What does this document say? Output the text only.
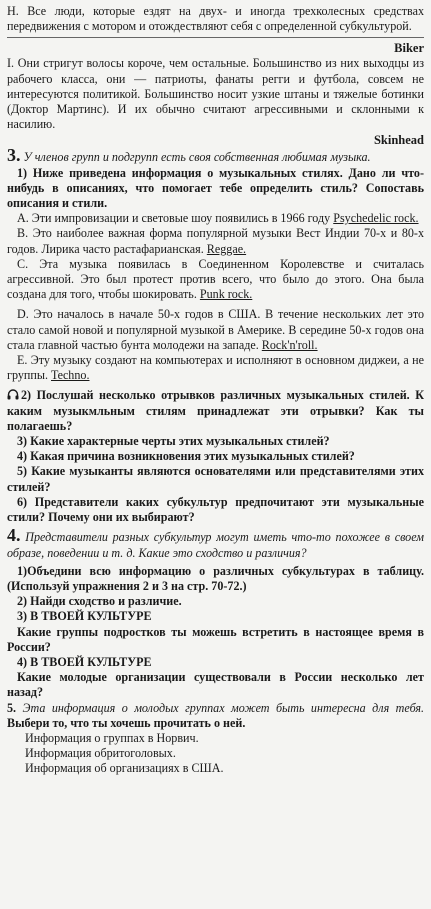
H. Все люди, которые ездят на двух- и иногда трехколесных средствах передвижения с мотором и отождествляют себя с определенной субкультурой.

Biker

I. Они стригут волосы короче, чем остальные. Большинство из них выходцы из рабочего класса, они — патриоты, фанаты регги и футбола, совсем не интересуются политикой. Большинство носит узкие штаны и тяжелые ботинки (Доктор Мартинс). И их обычно считают агрессивными и склонными к насилию.

Skinhead

3. У членов групп и подгрупп есть своя собственная любимая музыка.

1) Ниже приведена информация о музыкальных стилях. Дано ли что-нибудь в описаниях, что помогает тебе определить стиль? Сопоставь описания и стили.

A. Эти импровизации и световые шоу появились в 1966 году Psychedelic rock.

B. Это наиболее важная форма популярной музыки Вест Индии 70-х и 80-х годов. Лирика часто растафарианская. Reggae.

C. Эта музыка появилась в Соединенном Королевстве и считалась агрессивной. Это был протест против всего, что было до этого. Она была создана для того, чтобы шокировать. Punk rock.

D. Это началось в начале 50-х годов в США. В течение нескольких лет это стало самой новой и популярной музыкой в Америке. В середине 50-х годов она стала главной частью бунта молодежи на западе. Rock'n'roll.

E. Эту музыку создают на компьютерах и исполняют в основном диджеи, а не группы. Techno.

2) Послушай несколько отрывков различных музыкальных стилей. К каким музыкмльным стилям принадлежат эти отрывки? Как ты полагаешь?

3) Какие характерные черты этих музыкальных стилей?

4) Какая причина возникновения этих музыкальных стилей?

5) Какие музыканты являются основателями или представителями этих стилей?

6) Представители каких субкультур предпочитают эти музыкальные стили? Почему они их выбирают?

4. Представители разных субкультур могут иметь что-то похожее в своем образе, поведении и т. д. Какие это сходство и различия?

1)Объедини всю информацию о различных субкультурах в таблицу. (Используй упражнения 2 и 3 на стр. 70-72.)

2) Найди сходство и различие.

3) В ТВОЕЙ КУЛЬТУРЕ

Какие группы подростков ты можешь встретить в настоящее время в России?

4) В ТВОЕЙ КУЛЬТУРЕ

Какие молодые организации существовали в России несколько лет назад?

5. Эта информация о молодых группах может быть интересна для тебя. Выбери то, что ты хочешь прочитать о ней.

Информация о группах в Норвич.

Информация обритоголовых.

Информация об организациях в США.
